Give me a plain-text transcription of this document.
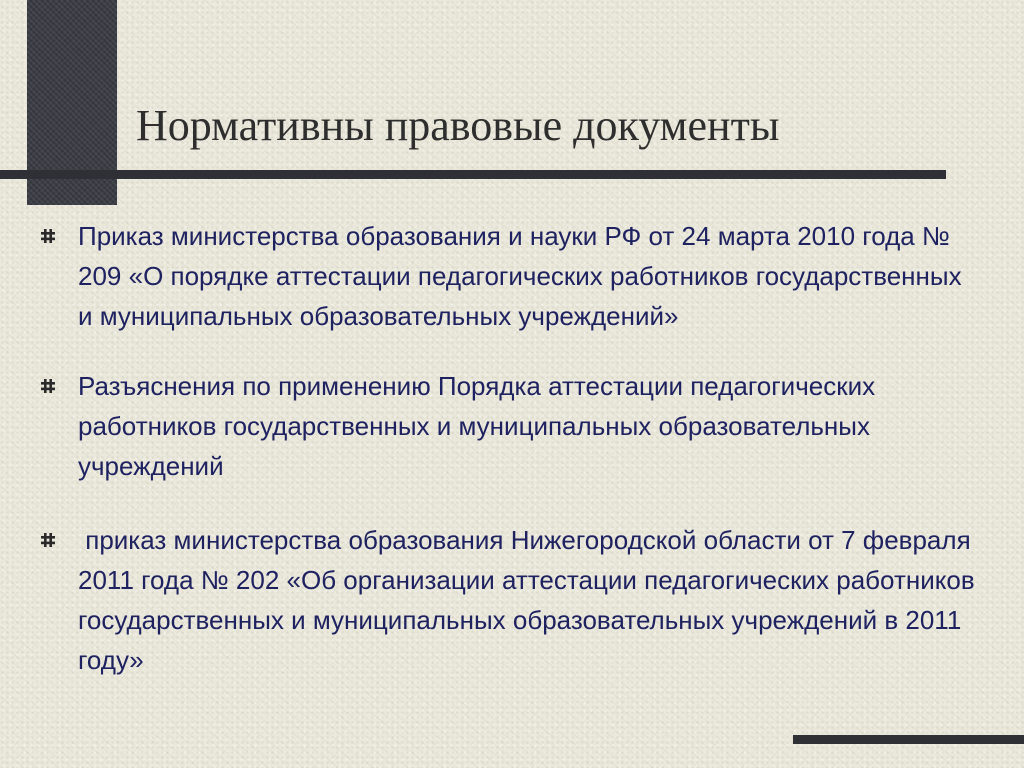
Нормативны правовые документы
Приказ министерства образования и науки РФ от 24 марта 2010 года № 209 «О порядке аттестации педагогических работников государственных и муниципальных образовательных учреждений»
Разъяснения по применению Порядка аттестации педагогических работников государственных и муниципальных образовательных учреждений
приказ министерства образования Нижегородской области от 7 февраля 2011 года № 202 «Об организации аттестации педагогических работников государственных и муниципальных образовательных учреждений в 2011 году»
